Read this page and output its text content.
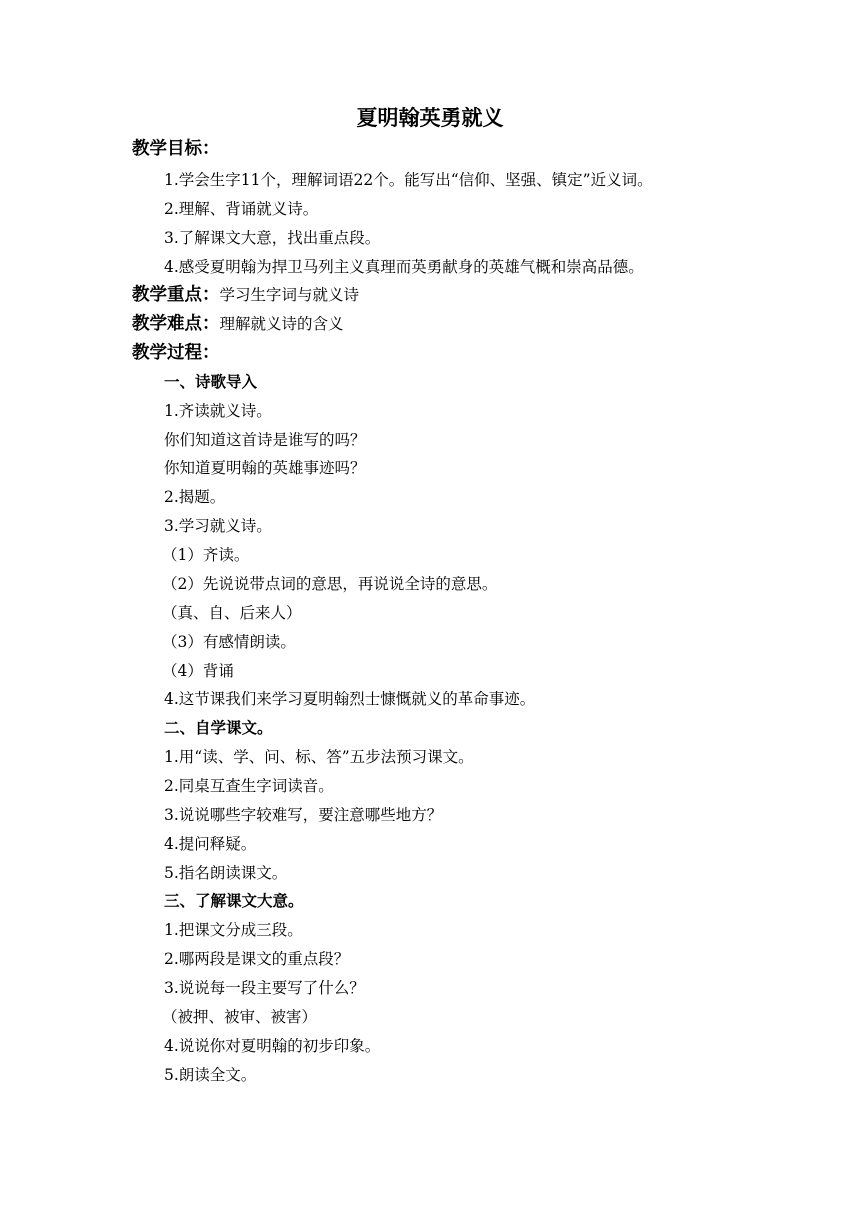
夏明翰英勇就义
教学目标：
1.学会生字11个，理解词语22个。能写出“信仰、坚强、镇定”近义词。
2.理解、背诵就义诗。
3.了解课文大意，找出重点段。
4.感受夏明翰为捍卫马列主义真理而英勇献身的英雄气概和崇高品德。
教学重点：学习生字词与就义诗
教学难点：理解就义诗的含义
教学过程：
一、诗歌导入
1.齐读就义诗。
你们知道这首诗是谁写的吗？
你知道夏明翰的英雄事迹吗？
2.揭题。
3.学习就义诗。
（1）齐读。
（2）先说说带点词的意思，再说说全诗的意思。
（真、自、后来人）
（3）有感情朗读。
（4）背诵
4.这节课我们来学习夏明翰烈士慷慨就义的革命事迹。
二、自学课文。
1.用“读、学、问、标、答”五步法预习课文。
2.同桌互查生字词读音。
3.说说哪些字较难写，要注意哪些地方？
4.提问释疑。
5.指名朗读课文。
三、了解课文大意。
1.把课文分成三段。
2.哪两段是课文的重点段？
3.说说每一段主要写了什么？
（被押、被审、被害）
4.说说你对夏明翰的初步印象。
5.朗读全文。
